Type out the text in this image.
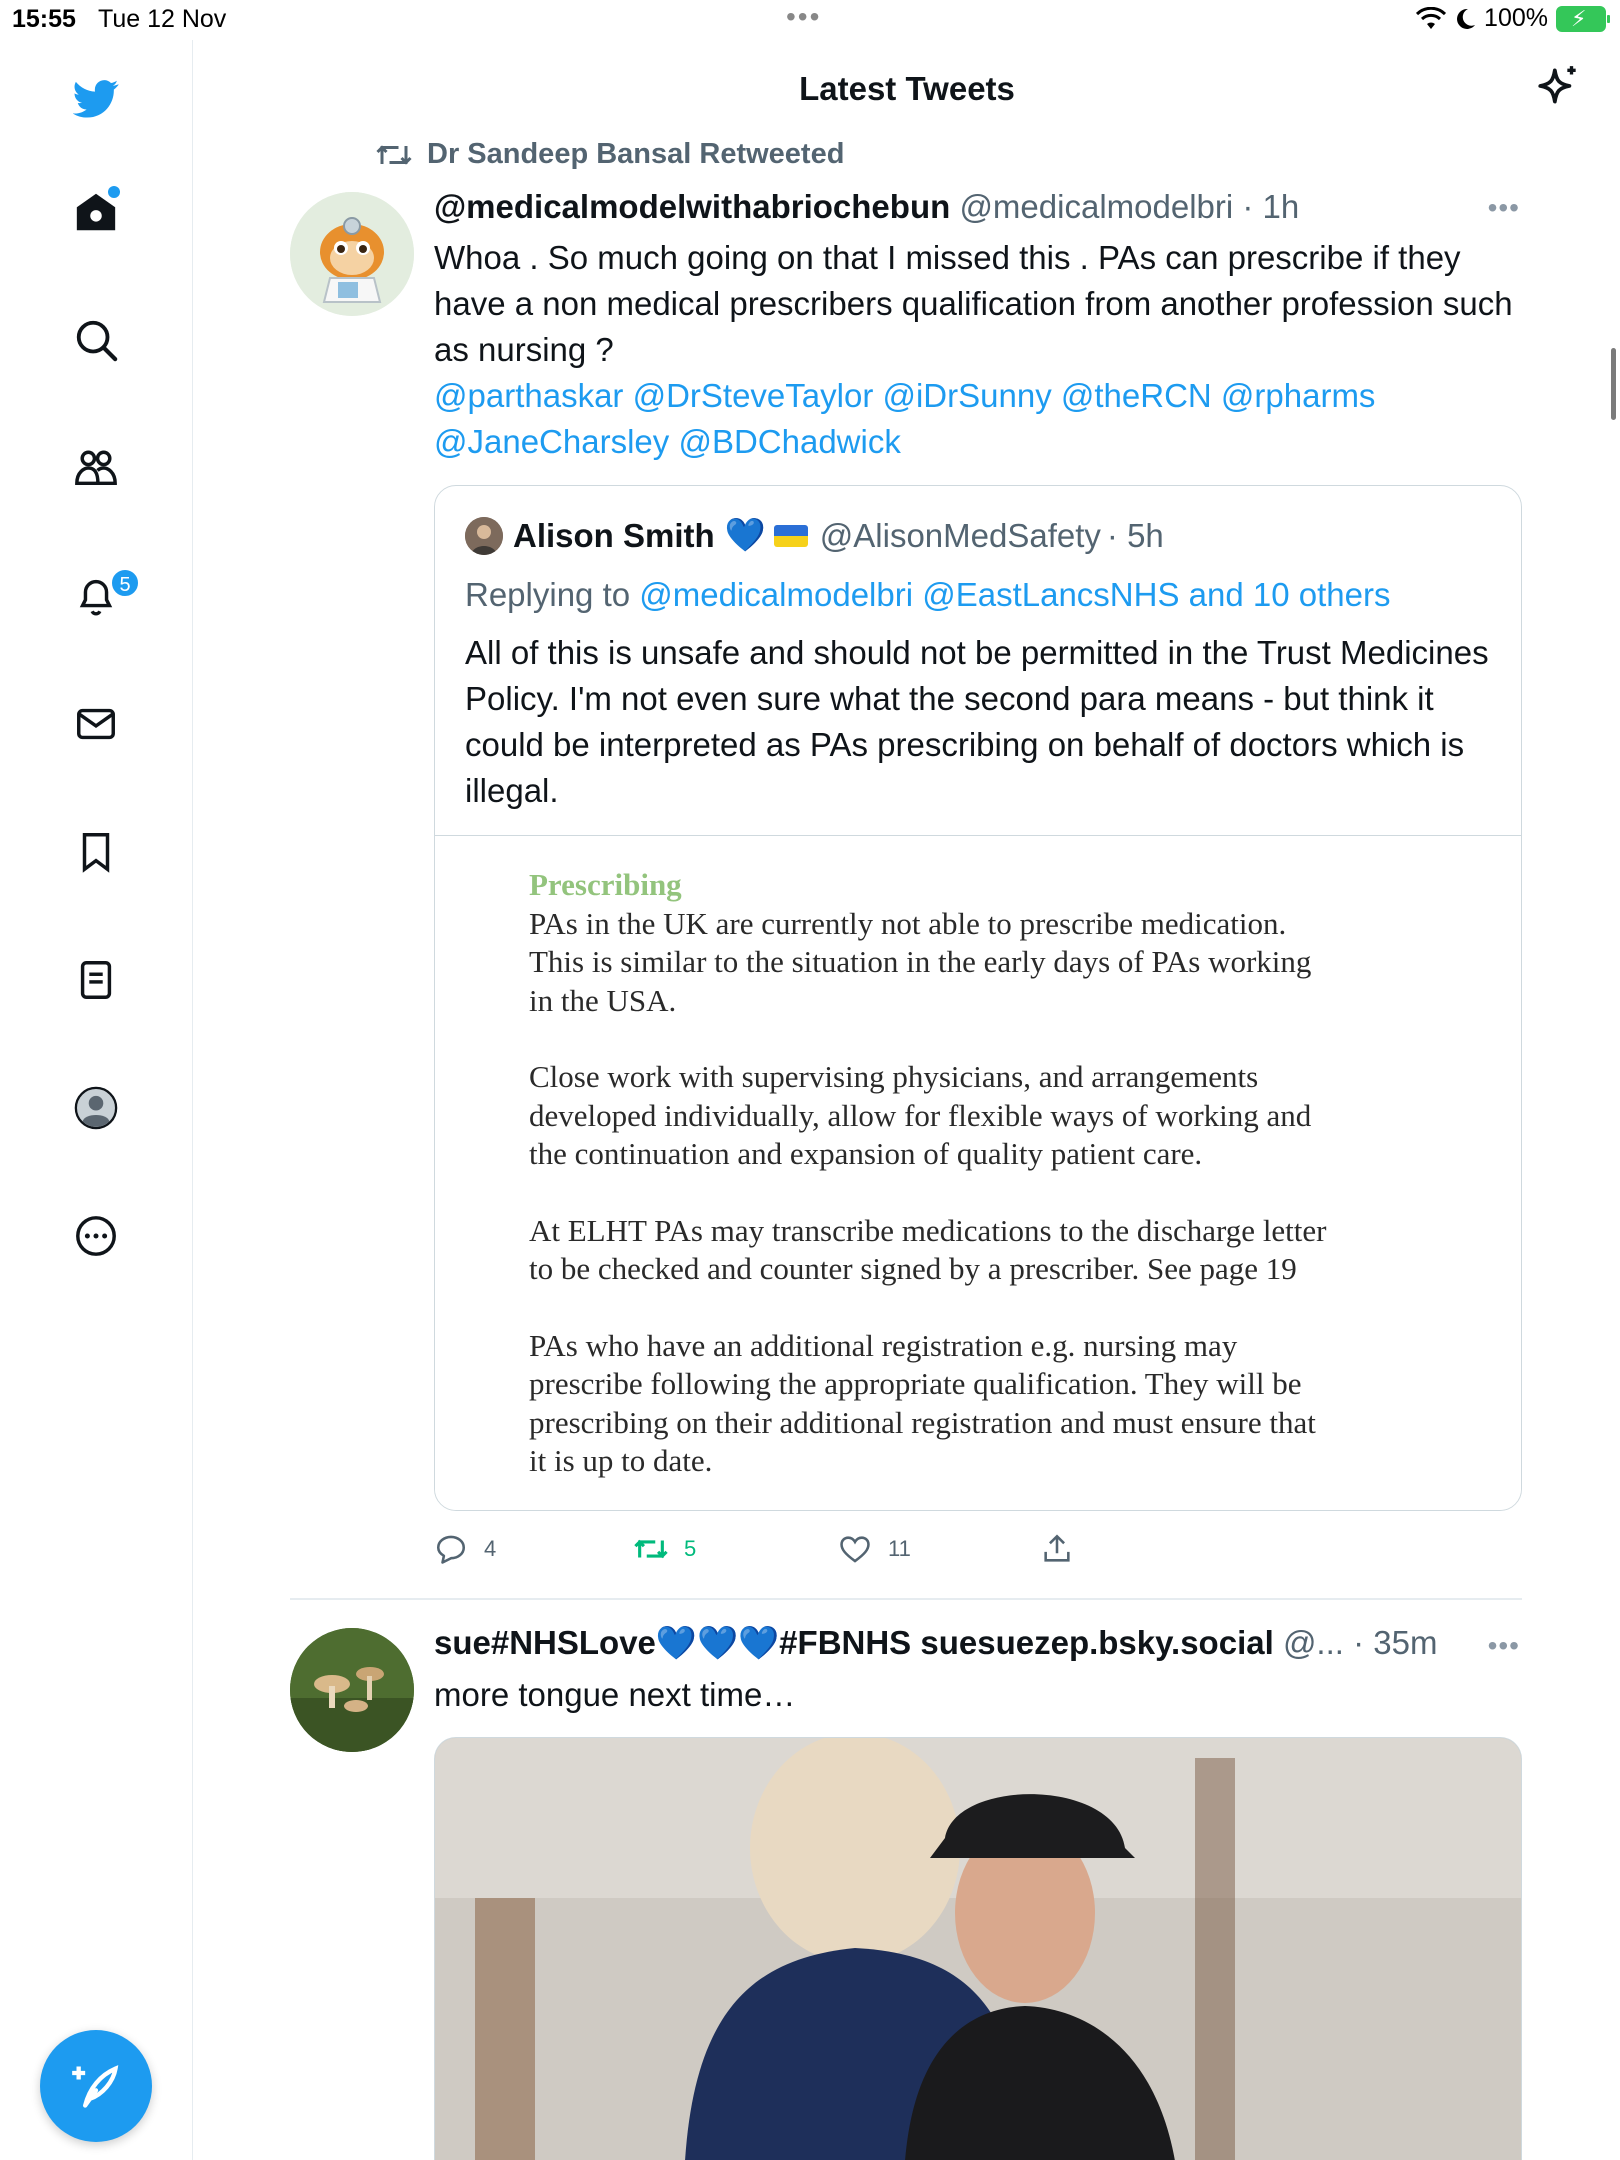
15:55 Tue 12 Nov	•••	100% ⚡
5
Latest Tweets
Dr Sandeep Bansal Retweeted
@medicalmodelwithabriochebun @medicalmodelbri · 1h	•••
Whoa . So much going on that I missed this . PAs can prescribe if they have a non medical prescribers qualification from another profession such as nursing ?
@parthaskar @DrSteveTaylor @iDrSunny @theRCN @rpharms
@JaneCharsley @BDChadwick
Alison Smith 💙 @AlisonMedSafety · 5h
Replying to @medicalmodelbri @EastLancsNHS and 10 others
All of this is unsafe and should not be permitted in the Trust Medicines Policy. I'm not even sure what the second para means - but think it could be interpreted as PAs prescribing on behalf of doctors which is illegal.
Prescribing

PAs in the UK are currently not able to prescribe medication.
This is similar to the situation in the early days of PAs working
in the USA.

Close work with supervising physicians, and arrangements
developed individually, allow for flexible ways of working and
the continuation and expansion of quality patient care.

At ELHT PAs may transcribe medications to the discharge letter
to be checked and counter signed by a prescriber. See page 19

PAs who have an additional registration e.g. nursing may
prescribe following the appropriate qualification. They will be
prescribing on their additional registration and must ensure that
it is up to date.

4	5	11
sue#NHSLove💙💙💙#FBNHS suesuezep.bsky.social @... · 35m •••
more tongue next time…
